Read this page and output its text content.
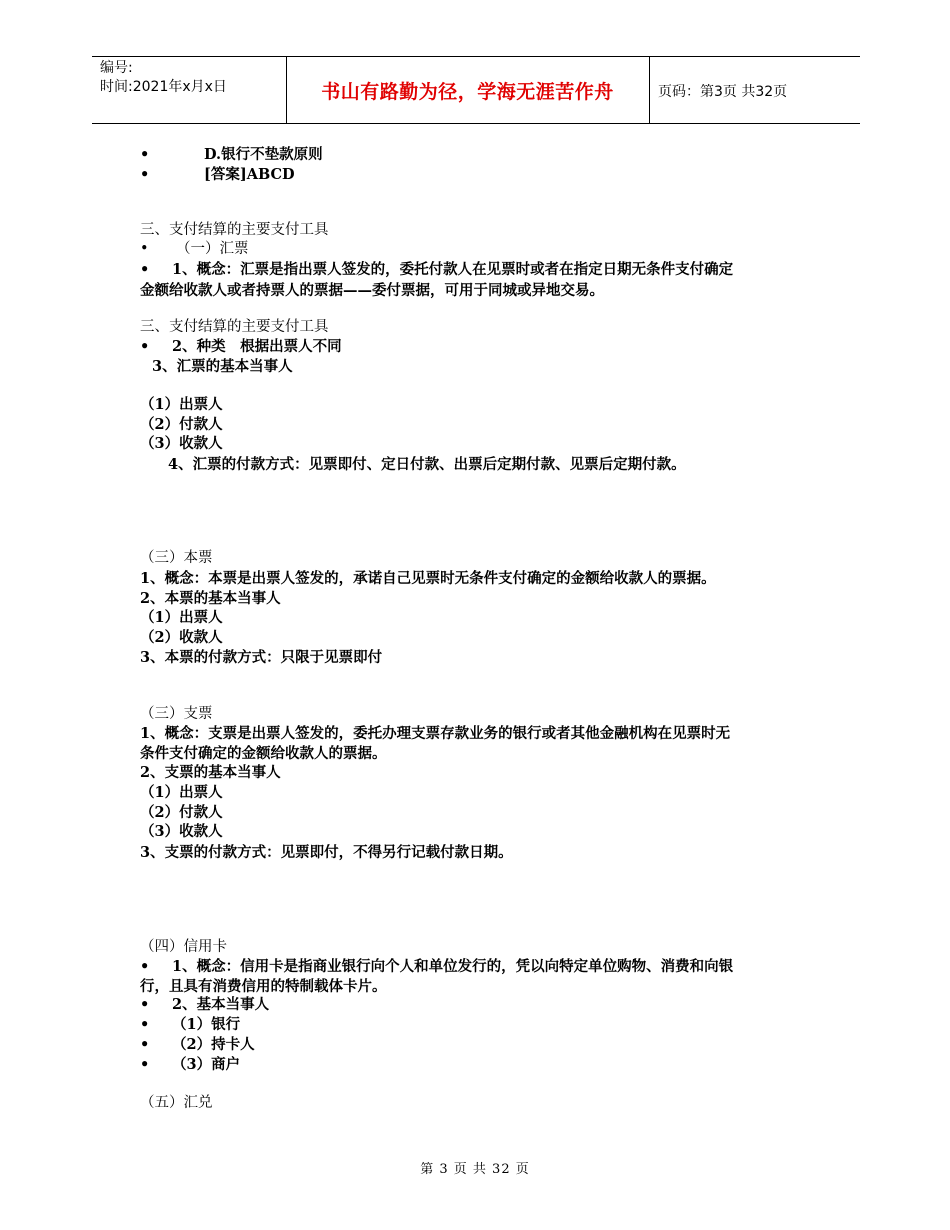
编号:
时间:2021年x月x日	书山有路勤为径，学海无涯苦作舟	页码：第3页 共32页
•	D.银行不垫款原则
•	[答案]ABCD
三、支付结算的主要支付工具
• （一）汇票
• 1、概念：汇票是指出票人签发的，委托付款人在见票时或者在指定日期无条件支付确定
金额给收款人或者持票人的票据——委付票据，可用于同城或异地交易。
三、支付结算的主要支付工具
• 2、种类　根据出票人不同
3、汇票的基本当事人
（1）出票人
（2）付款人
（3）收款人
4、汇票的付款方式：见票即付、定日付款、出票后定期付款、见票后定期付款。
（三）本票
1、概念：本票是出票人签发的，承诺自己见票时无条件支付确定的金额给收款人的票据。
2、本票的基本当事人
（1）出票人
（2）收款人
3、本票的付款方式：只限于见票即付
（三）支票
1、概念：支票是出票人签发的，委托办理支票存款业务的银行或者其他金融机构在见票时无
条件支付确定的金额给收款人的票据。
2、支票的基本当事人
（1）出票人
（2）付款人
（3）收款人
3、支票的付款方式：见票即付，不得另行记载付款日期。
（四）信用卡
• 1、概念：信用卡是指商业银行向个人和单位发行的，凭以向特定单位购物、消费和向银
行，且具有消费信用的特制载体卡片。
• 2、基本当事人
• （1）银行
• （2）持卡人
• （3）商户
（五）汇兑
第 3 页 共 32 页
